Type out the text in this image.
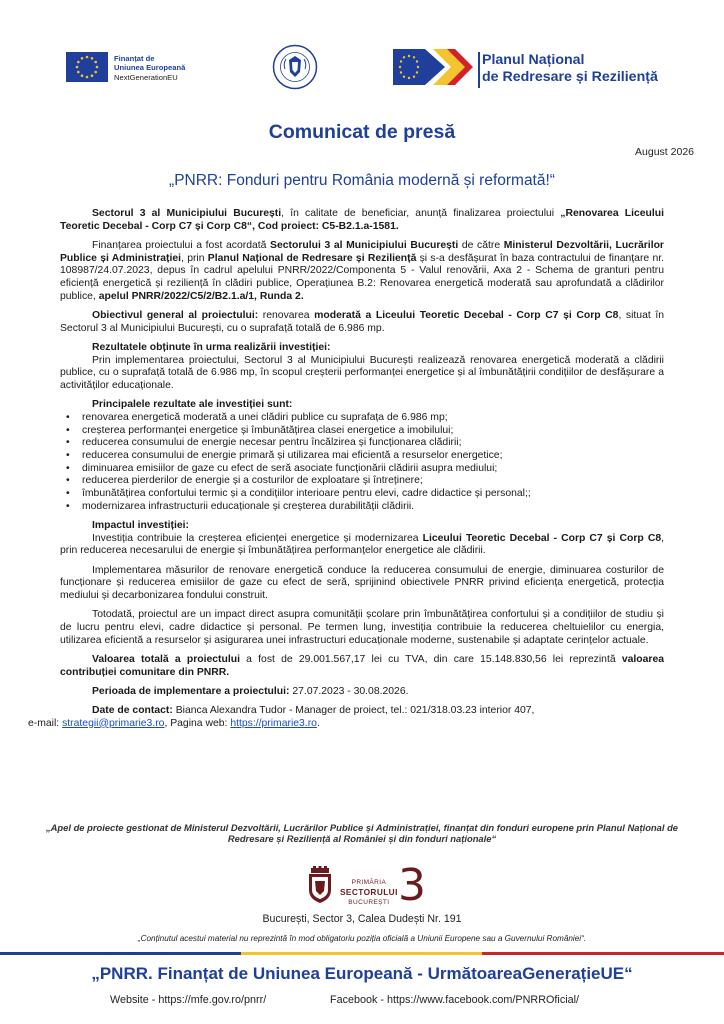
Finanțat de
Uniunea Europeană
NextGenerationEU
Planul Național
de Redresare și Reziliență
Comunicat de presă
August 2026
„PNRR: Fonduri pentru România modernă și reformată!“

Sectorul 3 al Municipiului București, în calitate de beneficiar, anunță finalizarea proiectului „Renovarea Liceului Teoretic Decebal - Corp C7 și Corp C8“, Cod proiect: C5-B2.1.a-1581.

Finanțarea proiectului a fost acordată Sectorului 3 al Municipiului București de către Ministerul Dezvoltării, Lucrărilor Publice și Administrației, prin Planul Național de Redresare și Reziliență și s-a desfășurat în baza contractului de finanțare nr. 108987/24.07.2023, depus în cadrul apelului PNRR/2022/Componenta 5 - Valul renovării, Axa 2 - Schema de granturi pentru eficiență energetică și reziliență în clădiri publice, Operațiunea B.2: Renovarea energetică moderată sau aprofundată a clădirilor publice, apelul PNRR/2022/C5/2/B2.1.a/1, Runda 2.

Obiectivul general al proiectului: renovarea moderată a Liceului Teoretic Decebal - Corp C7 și Corp C8, situat în Sectorul 3 al Municipiului București, cu o suprafață totală de 6.986 mp.

Rezultatele obținute în urma realizării investiției:
Prin implementarea proiectului, Sectorul 3 al Municipiului București realizează renovarea energetică moderată a clădirii publice, cu o suprafață totală de 6.986 mp, în scopul creșterii performanței energetice și al îmbunătățirii condițiilor de desfășurare a activităților educaționale.
Principalele rezultate ale investiției sunt:
• renovarea energetică moderată a unei clădiri publice cu suprafața de 6.986 mp;
• creșterea performanței energetice și îmbunătățirea clasei energetice a imobilului;
• reducerea consumului de energie necesar pentru încălzirea și funcționarea clădirii;
• reducerea consumului de energie primară și utilizarea mai eficientă a resurselor energetice;
• diminuarea emisiilor de gaze cu efect de seră asociate funcționării clădirii asupra mediului;
• reducerea pierderilor de energie și a costurilor de exploatare și întreținere;
• îmbunătățirea confortului termic și a condițiilor interioare pentru elevi, cadre didactice și personal;;
• modernizarea infrastructurii educaționale și creșterea durabilității clădirii.
Impactul investiției:
Investiția contribuie la creșterea eficienței energetice și modernizarea Liceului Teoretic Decebal - Corp C7 și Corp C8, prin reducerea necesarului de energie și îmbunătățirea performanțelor energetice ale clădirii.

Implementarea măsurilor de renovare energetică conduce la reducerea consumului de energie, diminuarea costurilor de funcționare și reducerea emisiilor de gaze cu efect de seră, sprijinind obiectivele PNRR privind eficiența energetică, protecția mediului și decarbonizarea fondului construit.

Totodată, proiectul are un impact direct asupra comunității școlare prin îmbunătățirea confortului și a condițiilor de studiu și de lucru pentru elevi, cadre didactice și personal. Pe termen lung, investiția contribuie la reducerea cheltuielilor cu energia, utilizarea eficientă a resurselor și asigurarea unei infrastructuri educaționale moderne, sustenabile și adaptate cerințelor actuale.

Valoarea totală a proiectului a fost de 29.001.567,17 lei cu TVA, din care 15.148.830,56 lei reprezintă valoarea contribuției comunitare din PNRR.

Perioada de implementare a proiectului: 27.07.2023 - 30.08.2026.

Date de contact: Bianca Alexandra Tudor - Manager de proiect, tel.: 021/318.03.23 interior 407,
e-mail: strategii@primarie3.ro, Pagina web: https://primarie3.ro.

„Apel de proiecte gestionat de Ministerul Dezvoltării, Lucrărilor Publice și Administrației, finanțat din fonduri europene prin Planul Național de Redresare și Reziliență al României și din fonduri naționale“
PRIMĂRIA
SECTORULUI
BUCUREȘTI 3
București, Sector 3, Calea Dudești Nr. 191
„Conținutul acestui material nu reprezintă în mod obligatoriu poziția oficială a Uniunii Europene sau a Guvernului României“.
„PNRR. Finanțat de Uniunea Europeană - UrmătoareaGenerațieUE“
Website - https://mfe.gov.ro/pnrr/	Facebook - https://www.facebook.com/PNRROficial/
